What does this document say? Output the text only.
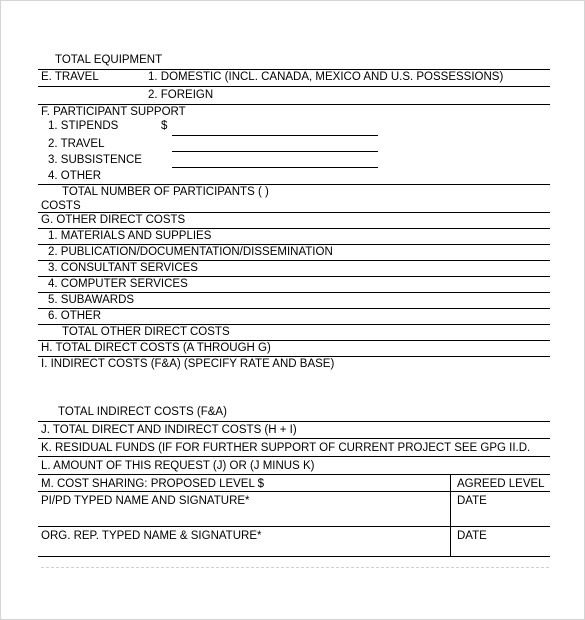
TOTAL EQUIPMENT
E. TRAVEL	1. DOMESTIC (INCL. CANADA, MEXICO AND U.S. POSSESSIONS)
2. FOREIGN
F. PARTICIPANT SUPPORT
1. STIPENDS	$
2. TRAVEL
3. SUBSISTENCE
4. OTHER
TOTAL NUMBER OF PARTICIPANTS ( )
COSTS
G. OTHER DIRECT COSTS
1. MATERIALS AND SUPPLIES
2. PUBLICATION/DOCUMENTATION/DISSEMINATION
3. CONSULTANT SERVICES
4. COMPUTER SERVICES
5. SUBAWARDS
6. OTHER
TOTAL OTHER DIRECT COSTS
H. TOTAL DIRECT COSTS (A THROUGH G)
I. INDIRECT COSTS (F&A) (SPECIFY RATE AND BASE)
TOTAL INDIRECT COSTS (F&A)
J. TOTAL DIRECT AND INDIRECT COSTS (H + I)
K. RESIDUAL FUNDS (IF FOR FURTHER SUPPORT OF CURRENT PROJECT SEE GPG II.D.
L. AMOUNT OF THIS REQUEST (J) OR (J MINUS K)
M. COST SHARING: PROPOSED LEVEL $	AGREED LEVEL
PI/PD TYPED NAME AND SIGNATURE*	DATE
ORG. REP. TYPED NAME & SIGNATURE*	DATE
